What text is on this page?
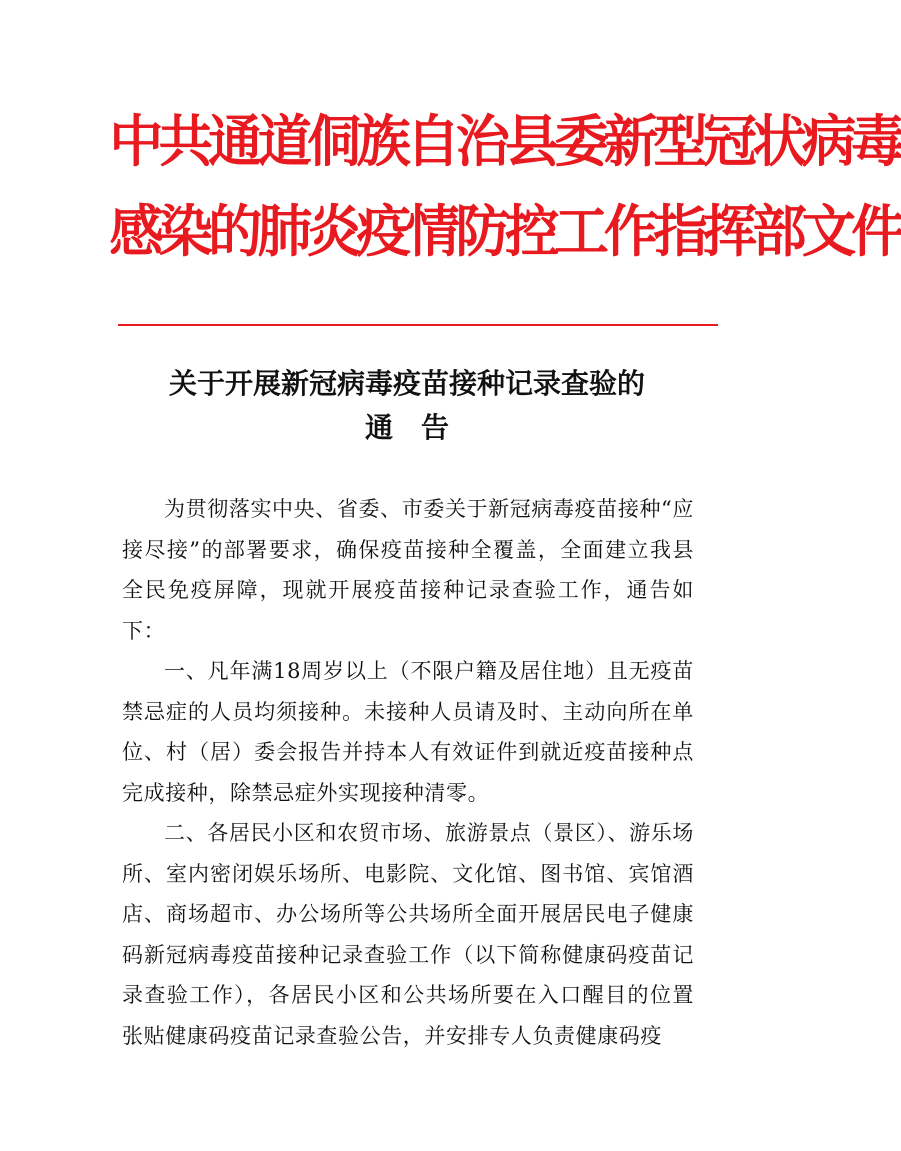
中共通道侗族自治县委新型冠状病毒
感染的肺炎疫情防控工作指挥部文件
关于开展新冠病毒疫苗接种记录查验的
通　告

为贯彻落实中央、省委、市委关于新冠病毒疫苗接种“应接尽接”的部署要求，确保疫苗接种全覆盖，全面建立我县全民免疫屏障，现就开展疫苗接种记录查验工作，通告如下：

一、凡年满18周岁以上（不限户籍及居住地）且无疫苗禁忌症的人员均须接种。未接种人员请及时、主动向所在单位、村（居）委会报告并持本人有效证件到就近疫苗接种点完成接种，除禁忌症外实现接种清零。

二、各居民小区和农贸市场、旅游景点（景区）、游乐场所、室内密闭娱乐场所、电影院、文化馆、图书馆、宾馆酒店、商场超市、办公场所等公共场所全面开展居民电子健康码新冠病毒疫苗接种记录查验工作（以下简称健康码疫苗记录查验工作），各居民小区和公共场所要在入口醒目的位置张贴健康码疫苗记录查验公告，并安排专人负责健康码疫
